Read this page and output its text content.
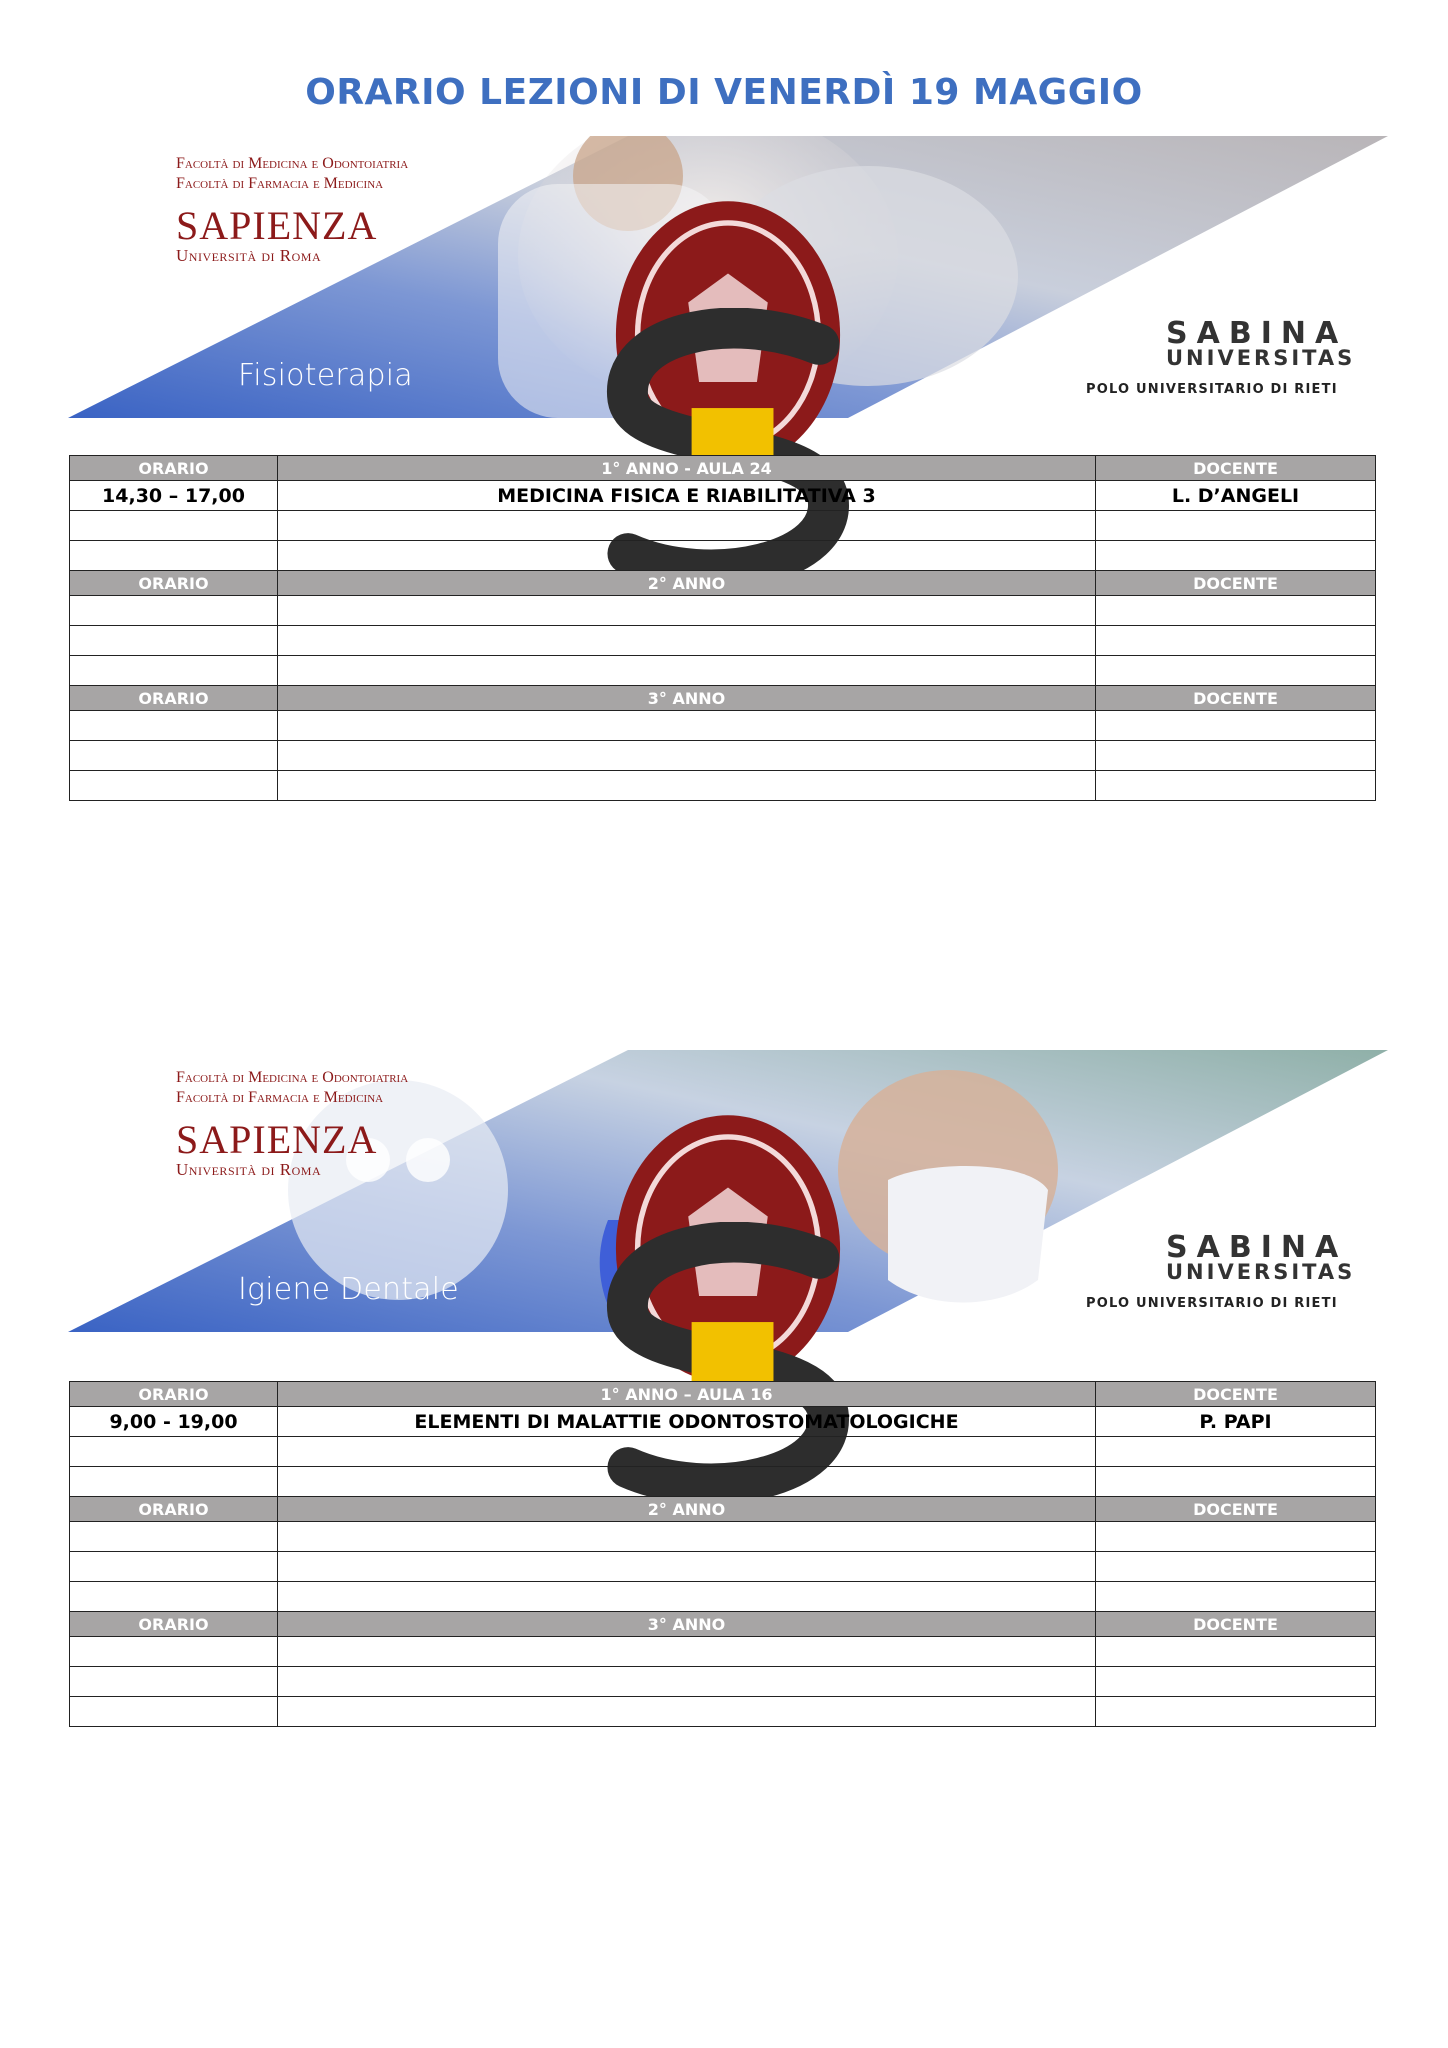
ORARIO LEZIONI DI VENERDÌ 19 MAGGIO
Facoltà di Medicina e Odontoiatria
Facoltà di Farmacia e Medicina
SAPIENZA
Università di Roma
Fisioterapia
SABINA
UNIVERSITAS
POLO UNIVERSITARIO DI RIETI
ORARIO	1° ANNO - AULA 24	DOCENTE
14,30 – 17,00	MEDICINA FISICA E RIABILITATIVA 3	L. D’ANGELI

ORARIO	2° ANNO	DOCENTE

ORARIO	3° ANNO	DOCENTE

Facoltà di Medicina e Odontoiatria
Facoltà di Farmacia e Medicina
SAPIENZA
Università di Roma
Igiene Dentale
SABINA
UNIVERSITAS
POLO UNIVERSITARIO DI RIETI
ORARIO	1° ANNO – AULA 16	DOCENTE
9,00 - 19,00	ELEMENTI DI MALATTIE ODONTOSTOMATOLOGICHE	P. PAPI

ORARIO	2° ANNO	DOCENTE

ORARIO	3° ANNO	DOCENTE
